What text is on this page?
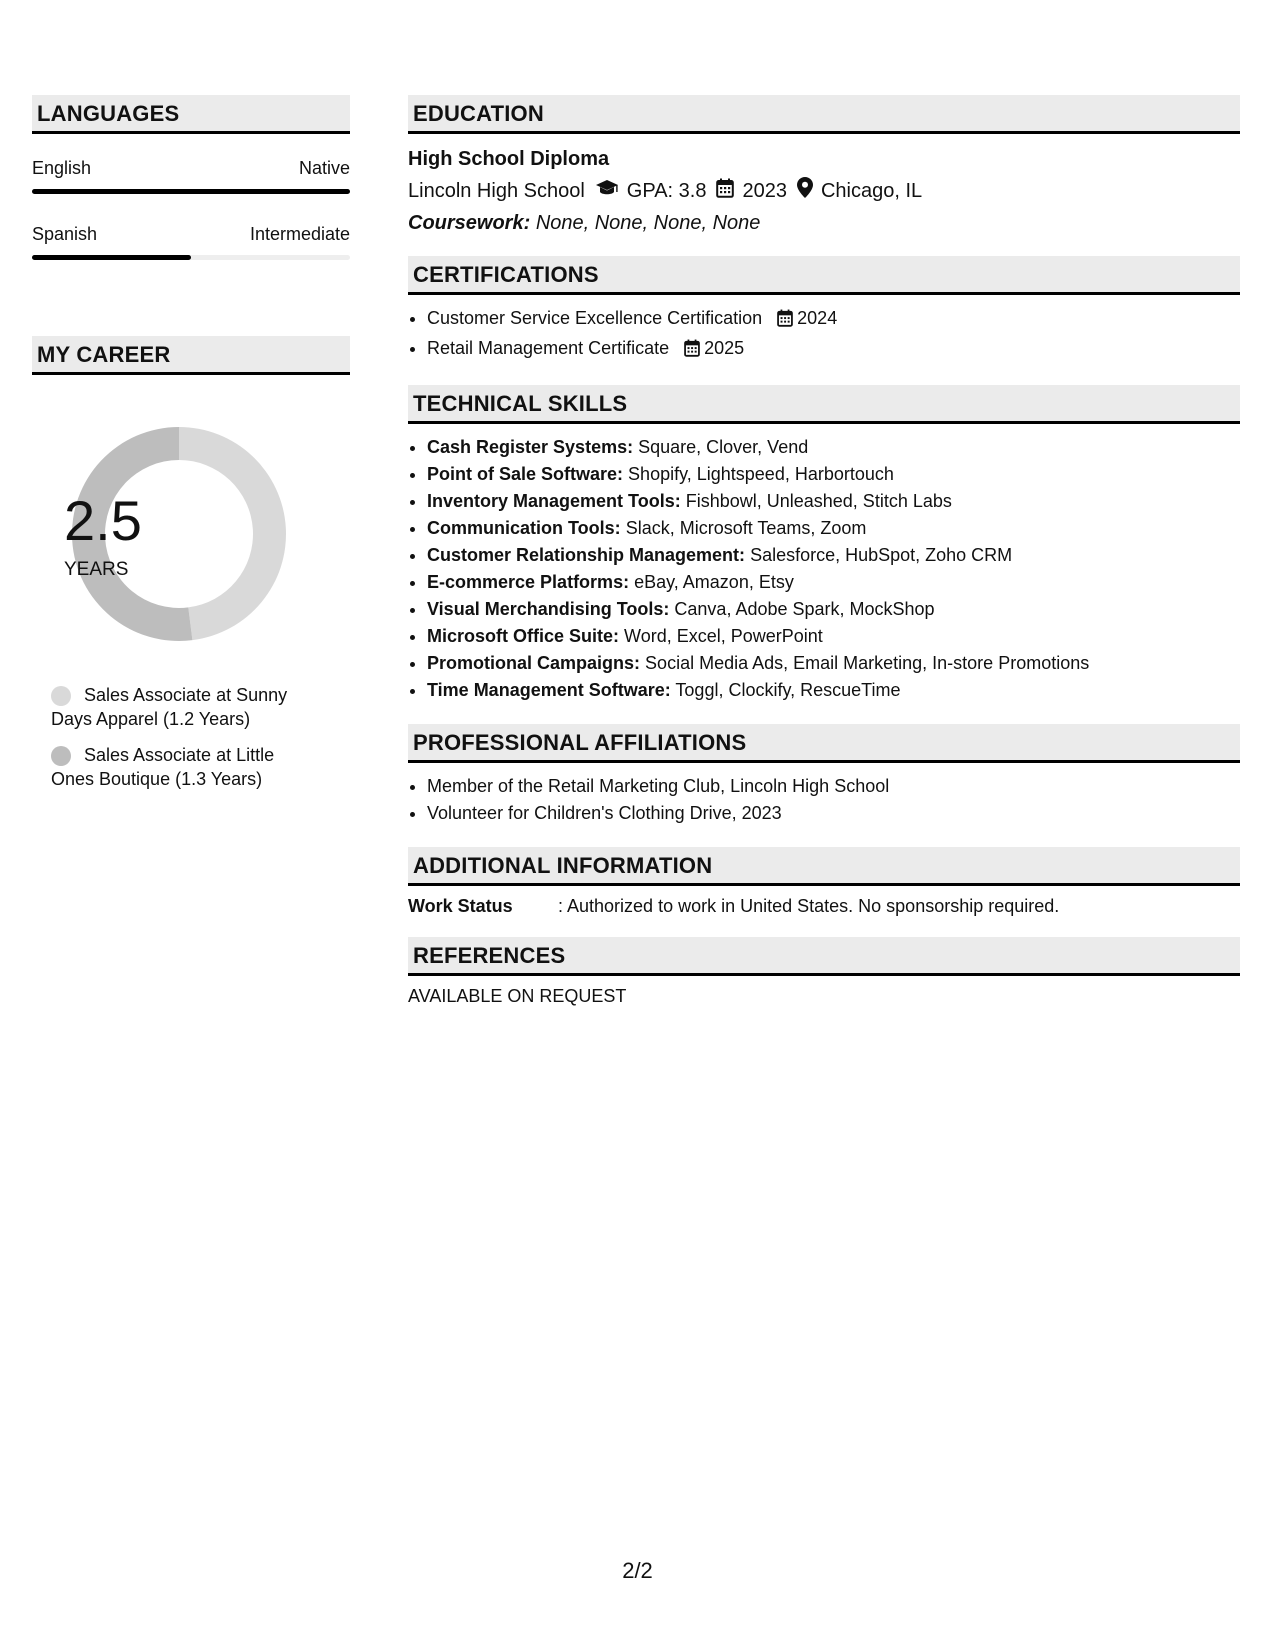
LANGUAGES
English	Native
Spanish	Intermediate
MY CAREER
2.5
YEARS
Sales Associate at Sunny Days Apparel (1.2 Years)
Sales Associate at Little Ones Boutique (1.3 Years)
EDUCATION
High School Diploma
Lincoln High School GPA: 3.8 2023 Chicago, IL
Coursework: None, None, None, None
CERTIFICATIONS
• Customer Service Excellence Certification 2024
• Retail Management Certificate 2025
TECHNICAL SKILLS
• Cash Register Systems: Square, Clover, Vend
• Point of Sale Software: Shopify, Lightspeed, Harbortouch
• Inventory Management Tools: Fishbowl, Unleashed, Stitch Labs
• Communication Tools: Slack, Microsoft Teams, Zoom
• Customer Relationship Management: Salesforce, HubSpot, Zoho CRM
• E-commerce Platforms: eBay, Amazon, Etsy
• Visual Merchandising Tools: Canva, Adobe Spark, MockShop
• Microsoft Office Suite: Word, Excel, PowerPoint
• Promotional Campaigns: Social Media Ads, Email Marketing, In-store Promotions
• Time Management Software: Toggl, Clockify, RescueTime
PROFESSIONAL AFFILIATIONS
• Member of the Retail Marketing Club, Lincoln High School
• Volunteer for Children's Clothing Drive, 2023
ADDITIONAL INFORMATION
Work Status	: Authorized to work in United States. No sponsorship required.
REFERENCES
AVAILABLE ON REQUEST
2/2
